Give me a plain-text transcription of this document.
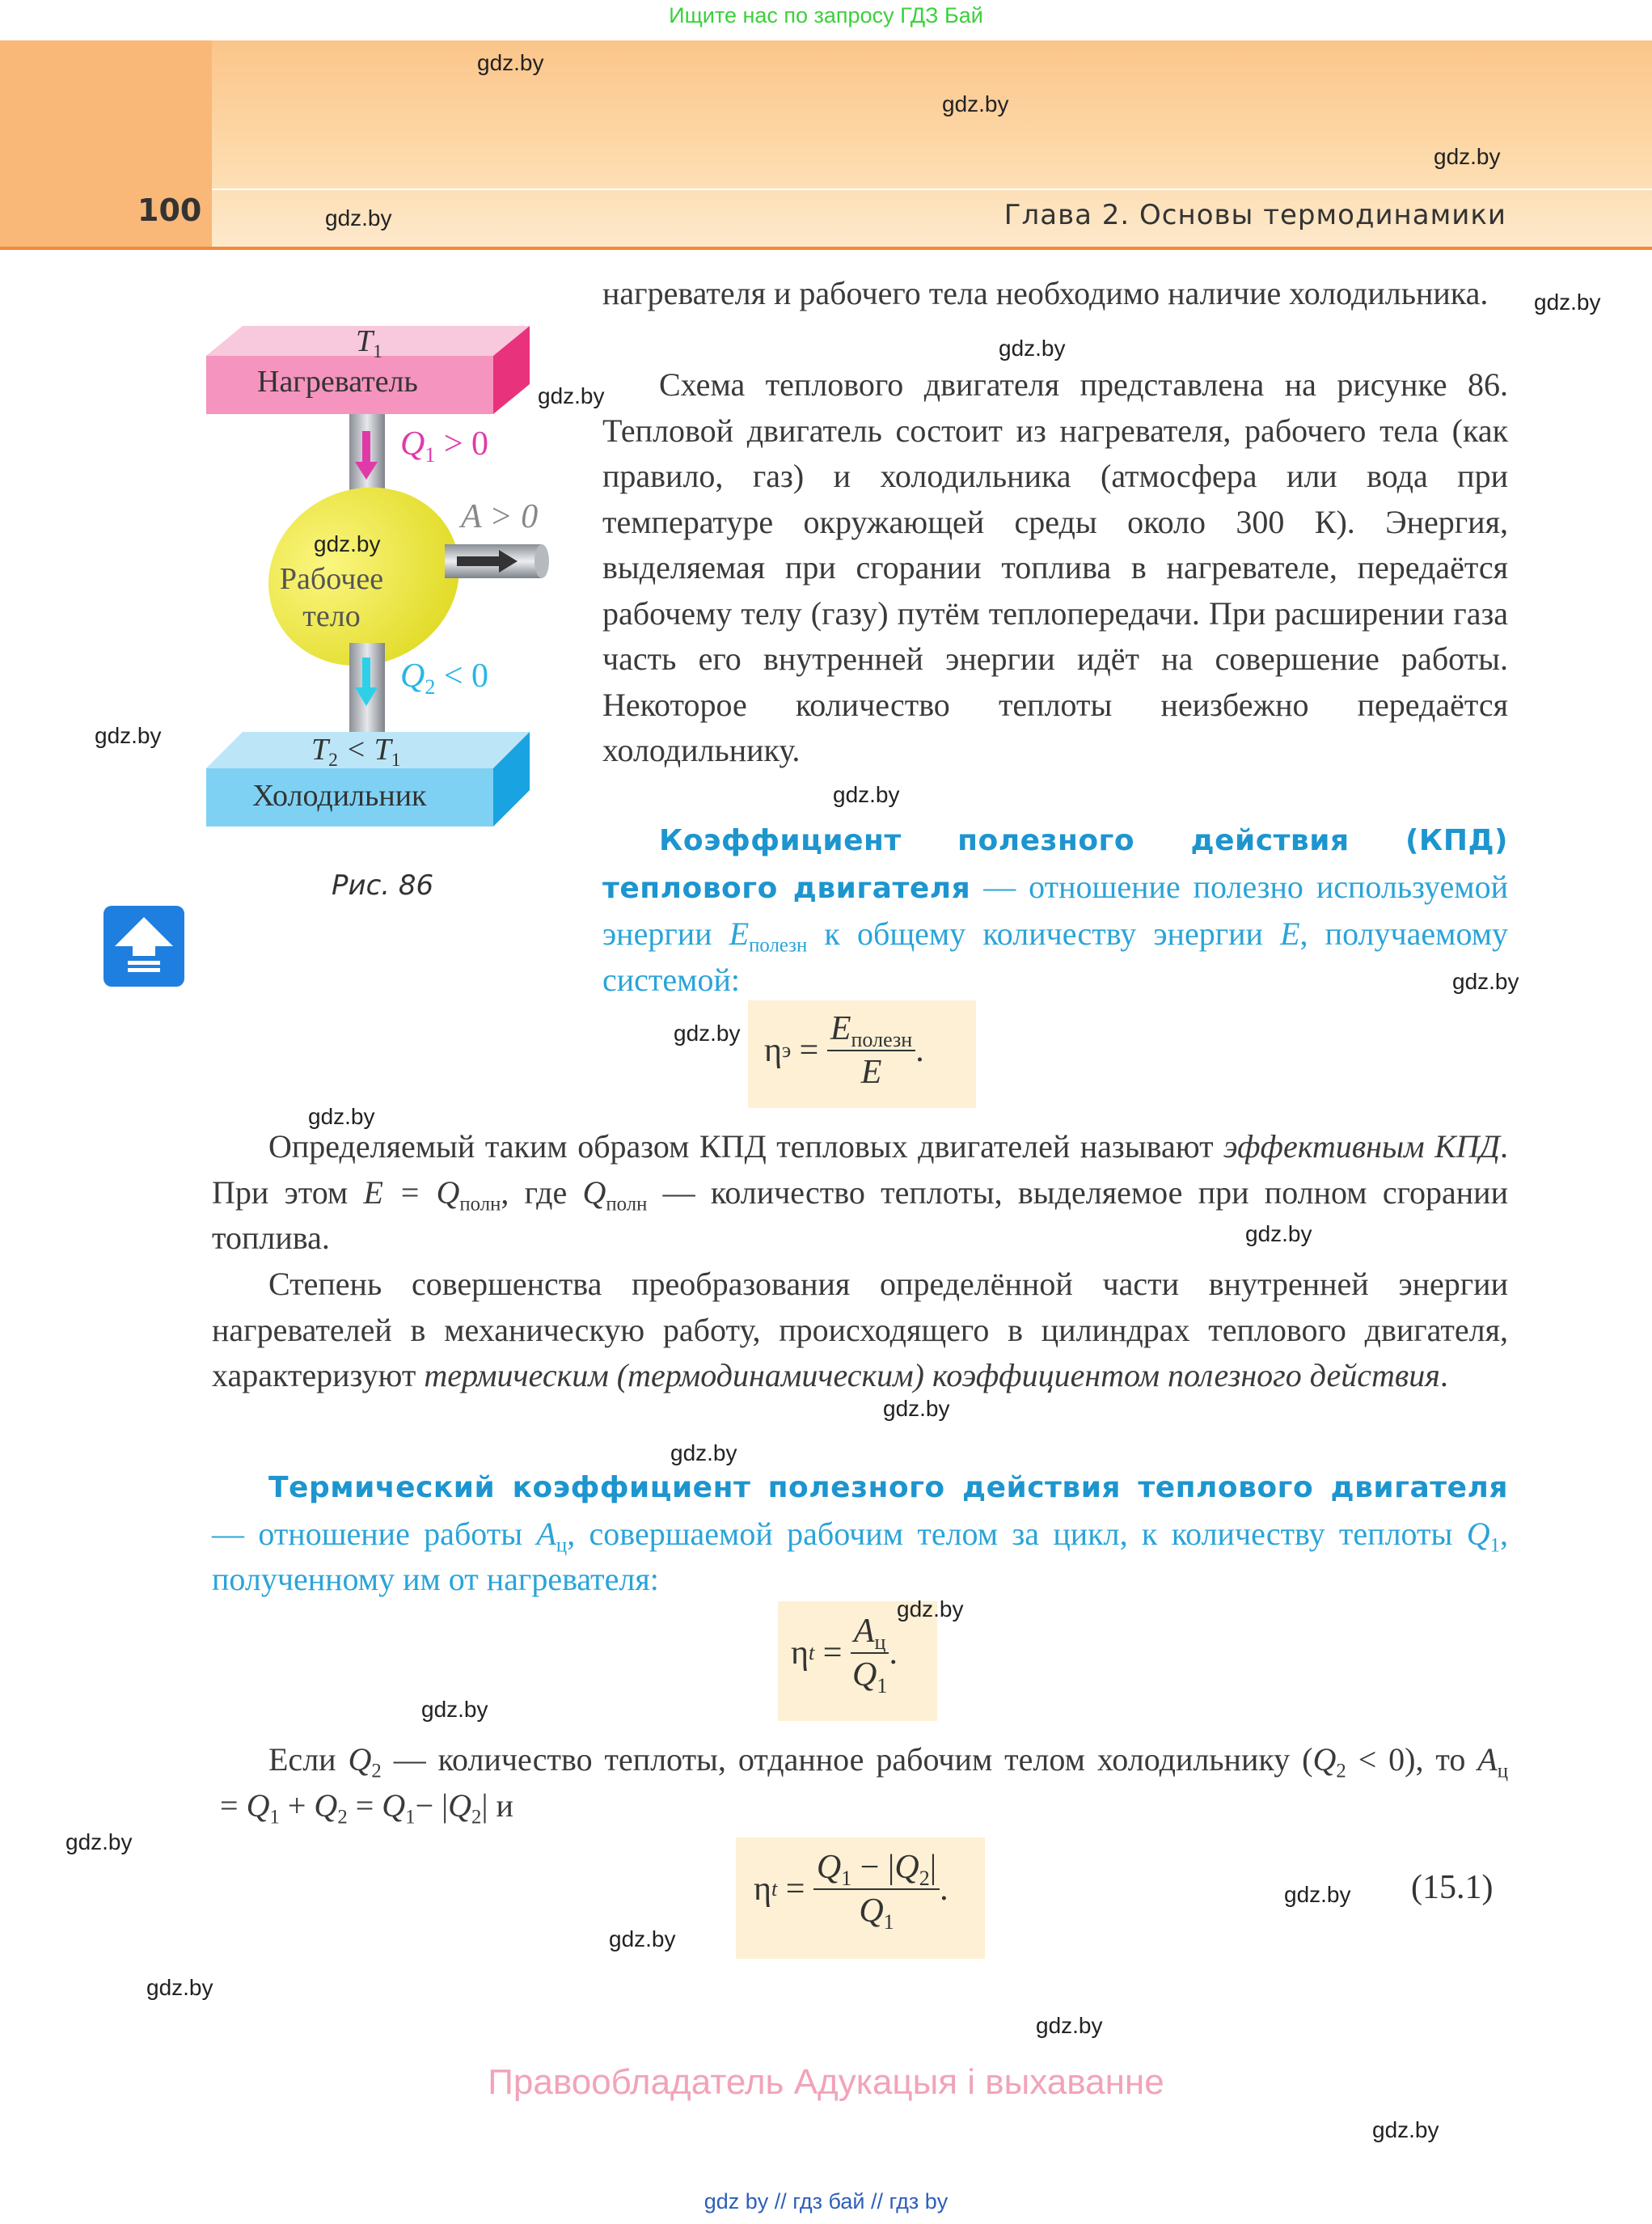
Ищите нас по запросу ГДЗ Бай
100	Глава 2. Основы термодинамики
$T_1$
Нагреватель
$Q_1 > 0$
A > 0
Рабочее
тело
$Q_2 < 0$
$T_2 < T_1$
Холодильник
Рис. 86
нагревателя и рабочего тела необходимо наличие холодильника.
Схема теплового двигателя представлена на рисунке 86. Тепловой двигатель состоит из нагревателя, рабочего тела (как правило, газ) и холодильника (атмосфера или вода при температуре окружающей среды около 300 К). Энергия, выделяемая при сгорании топлива в нагревателе, передаётся рабочему телу (газу) путём теплопередачи. При расширении газа часть его внутренней энергии идёт на совершение работы. Некоторое количество теплоты неизбежно передаётся холодильнику.
Коэффициент полезного действия (КПД) теплового двигателя — отношение полезно используемой энергии $E_{полезн}$ к общему количеству энергии E, получаемому системой:
η $э = \frac{E_{полезн}}{E}$ .
Определяемый таким образом КПД тепловых двигателей называют эффективным КПД. При этом $E = Q_{полн}$, где $Q_{полн}$ — количество теплоты, выделяемое при полном сгорании топлива.
Степень совершенства преобразования определённой части внутренней энергии нагревателей в механическую работу, происходящего в цилиндрах теплового двигателя, характеризуют термическим (термодинамическим) коэффициентом полезного действия.
Термический коэффициент полезного действия теплового двигателя — отношение работы $A_ц$, совершаемой рабочим телом за цикл, к количеству теплоты $Q_1$, полученному им от нагревателя:
η $t = \frac{A_ц}{Q_1}$ .
Если $Q_2$ — количество теплоты, отданное рабочим телом холодильнику $(Q_2 < 0)$, то $A_ц = Q_1 + Q_2 = Q_1- |Q_2|$ и
η $t = \frac{Q_1 - |Q_2|}{Q_1}$ .	(15.1)
gdz.by
gdz.by
gdz.by
gdz.by
gdz.by
gdz.by
gdz.by
gdz.by
gdz.by
gdz.by
gdz.by
gdz.by
gdz.by
gdz.by
gdz.by
gdz.by
gdz.by
gdz.by
gdz.by
gdz.by
gdz.by
gdz.by
gdz.by
gdz.by
Правообладатель Адукацыя і выхаванне
gdz by // гдз бай // гдз by
